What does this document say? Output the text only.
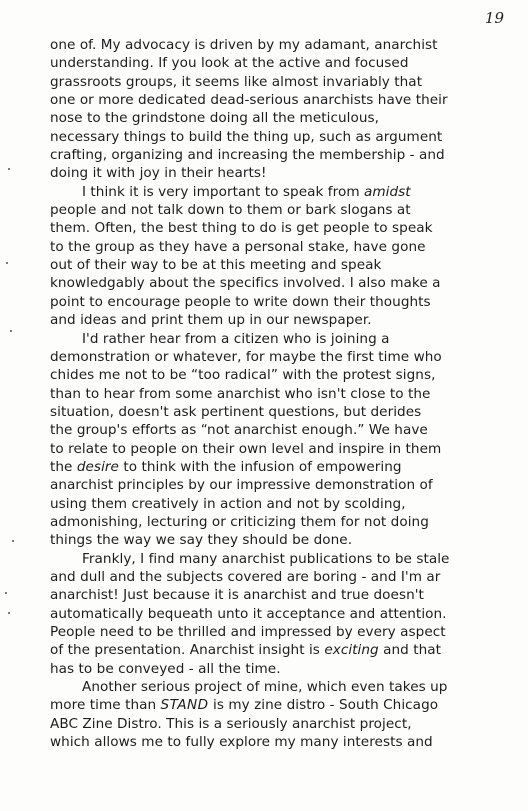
19
one of. My advocacy is driven by my adamant, anarchist
understanding. If you look at the active and focused
grassroots groups, it seems like almost invariably that
one or more dedicated dead-serious anarchists have their
nose to the grindstone doing all the meticulous,
necessary things to build the thing up, such as argument
crafting, organizing and increasing the membership - and
doing it with joy in their hearts!
I think it is very important to speak from amidst
people and not talk down to them or bark slogans at
them. Often, the best thing to do is get people to speak
to the group as they have a personal stake, have gone
out of their way to be at this meeting and speak
knowledgably about the specifics involved. I also make a
point to encourage people to write down their thoughts
and ideas and print them up in our newspaper.
I'd rather hear from a citizen who is joining a
demonstration or whatever, for maybe the first time who
chides me not to be “too radical” with the protest signs,
than to hear from some anarchist who isn't close to the
situation, doesn't ask pertinent questions, but derides
the group's efforts as “not anarchist enough.” We have
to relate to people on their own level and inspire in them
the desire to think with the infusion of empowering
anarchist principles by our impressive demonstration of
using them creatively in action and not by scolding,
admonishing, lecturing or criticizing them for not doing
things the way we say they should be done.
Frankly, I find many anarchist publications to be stale
and dull and the subjects covered are boring - and I'm ar
anarchist! Just because it is anarchist and true doesn't
automatically bequeath unto it acceptance and attention.
People need to be thrilled and impressed by every aspect
of the presentation. Anarchist insight is exciting and that
has to be conveyed - all the time.
Another serious project of mine, which even takes up
more time than STAND is my zine distro - South Chicago
ABC Zine Distro. This is a seriously anarchist project,
which allows me to fully explore my many interests and
